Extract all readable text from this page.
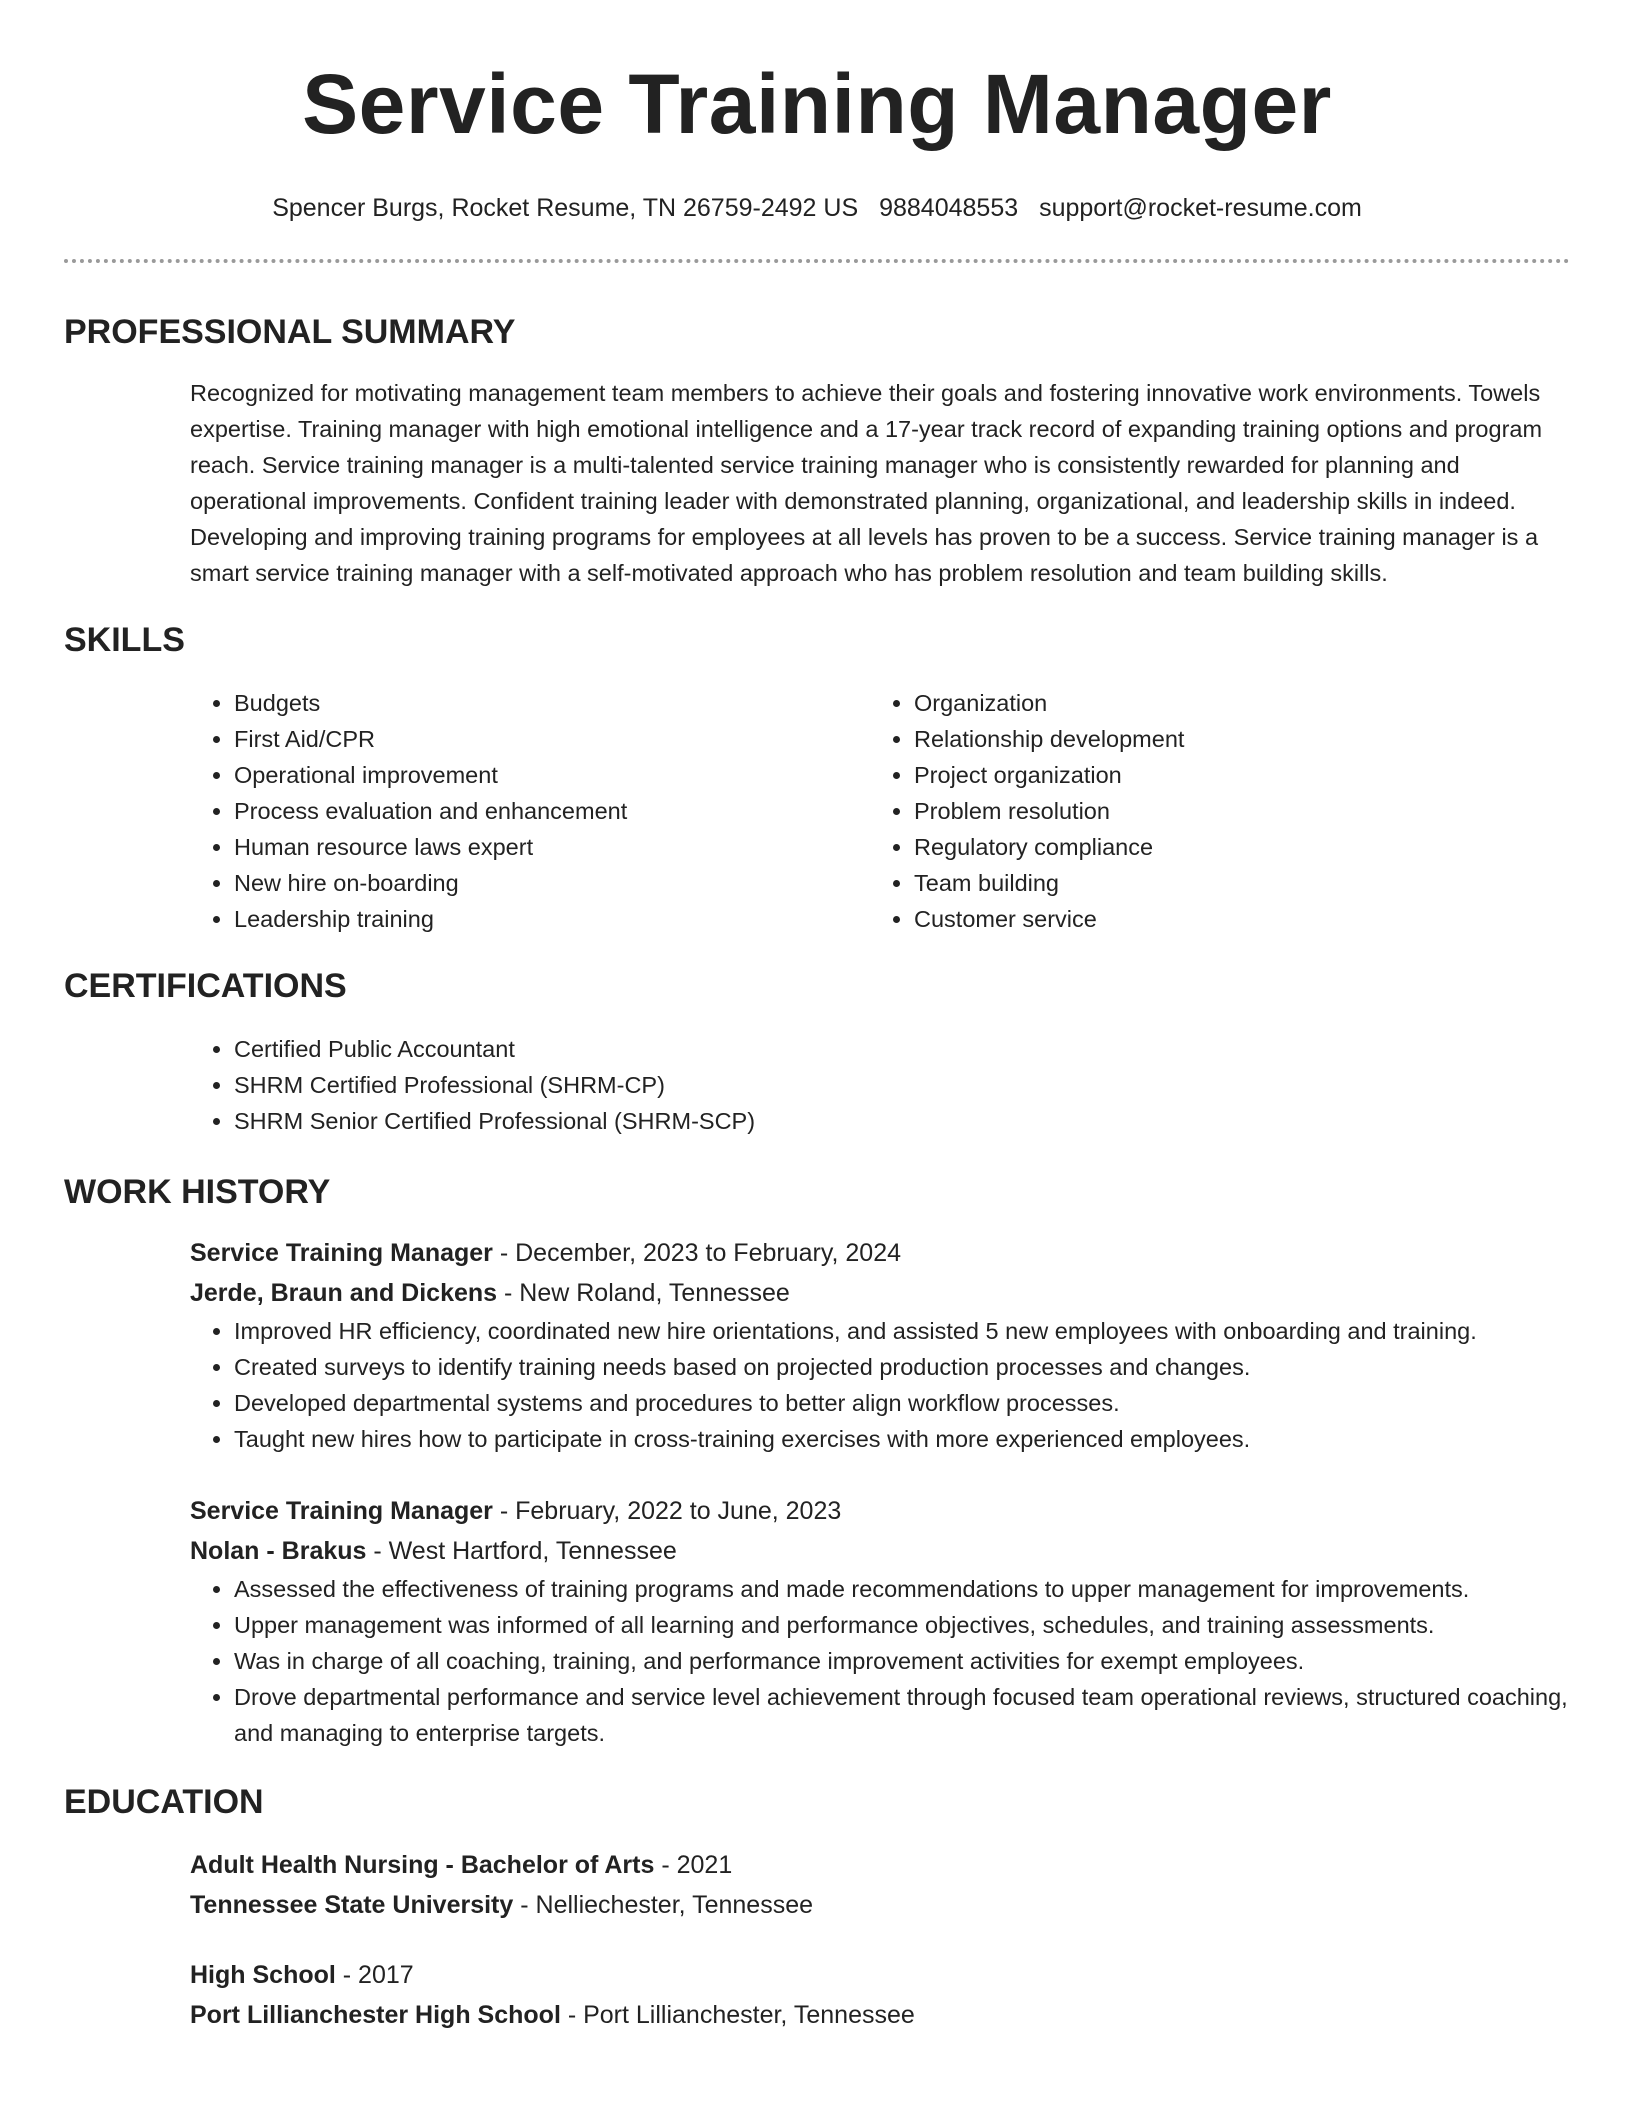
Service Training Manager
Spencer Burgs, Rocket Resume, TN 26759-2492 US 9884048553 support@rocket-resume.com
PROFESSIONAL SUMMARY
Recognized for motivating management team members to achieve their goals and fostering innovative work environments. Towels expertise. Training manager with high emotional intelligence and a 17-year track record of expanding training options and program reach. Service training manager is a multi-talented service training manager who is consistently rewarded for planning and operational improvements. Confident training leader with demonstrated planning, organizational, and leadership skills in indeed. Developing and improving training programs for employees at all levels has proven to be a success. Service training manager is a smart service training manager with a self-motivated approach who has problem resolution and team building skills.
SKILLS
• Budgets
• First Aid/CPR
• Operational improvement
• Process evaluation and enhancement
• Human resource laws expert
• New hire on-boarding
• Leadership training
• Organization
• Relationship development
• Project organization
• Problem resolution
• Regulatory compliance
• Team building
• Customer service
CERTIFICATIONS
• Certified Public Accountant
• SHRM Certified Professional (SHRM-CP)
• SHRM Senior Certified Professional (SHRM-SCP)
WORK HISTORY
Service Training Manager - December, 2023 to February, 2024
Jerde, Braun and Dickens - New Roland, Tennessee
• Improved HR efficiency, coordinated new hire orientations, and assisted 5 new employees with onboarding and training.
• Created surveys to identify training needs based on projected production processes and changes.
• Developed departmental systems and procedures to better align workflow processes.
• Taught new hires how to participate in cross-training exercises with more experienced employees.
Service Training Manager - February, 2022 to June, 2023
Nolan - Brakus - West Hartford, Tennessee
• Assessed the effectiveness of training programs and made recommendations to upper management for improvements.
• Upper management was informed of all learning and performance objectives, schedules, and training assessments.
• Was in charge of all coaching, training, and performance improvement activities for exempt employees.
• Drove departmental performance and service level achievement through focused team operational reviews, structured coaching, and managing to enterprise targets.
EDUCATION
Adult Health Nursing - Bachelor of Arts - 2021
Tennessee State University - Nelliechester, Tennessee
High School - 2017
Port Lillianchester High School - Port Lillianchester, Tennessee
